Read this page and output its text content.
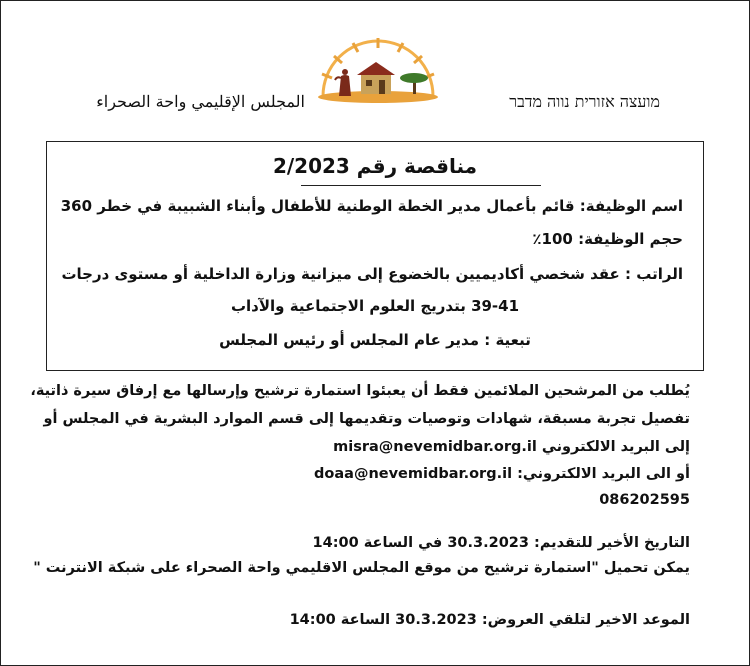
المجلس الإقليمي واحة الصحراء	מועצה אזורית נווה מדבר
مناقصة رقم 2/2023
اسم الوظيفة: قائم بأعمال مدير الخطة الوطنية للأطفال وأبناء الشبيبة في خطر 360
حجم الوظيفة: 100٪
الراتب : عقد شخصي أكاديميين بالخضوع إلى ميزانية وزارة الداخلية أو مستوى درجات
39-41 بتدريج العلوم الاجتماعية والآداب
تبعية : مدير عام المجلس أو رئيس المجلس
يُطلب من المرشحين الملائمين فقط أن يعبئوا استمارة ترشيح وإرسالها مع إرفاق سيرة ذاتية،
تفصيل تجربة مسبقة، شهادات وتوصيات وتقديمها إلى قسم الموارد البشرية في المجلس أو
إلى البريد الالكتروني misra@nevemidbar.org.il
أو الى البريد الالكتروني: doaa@nevemidbar.org.il
086202595
التاريخ الأخير للتقديم: 30.3.2023 في الساعة 14:00
يمكن تحميل "استمارة ترشيح من موقع المجلس الاقليمي واحة الصحراء على شبكة الانترنت "
الموعد الاخير لتلقي العروض: 30.3.2023 الساعة 14:00
